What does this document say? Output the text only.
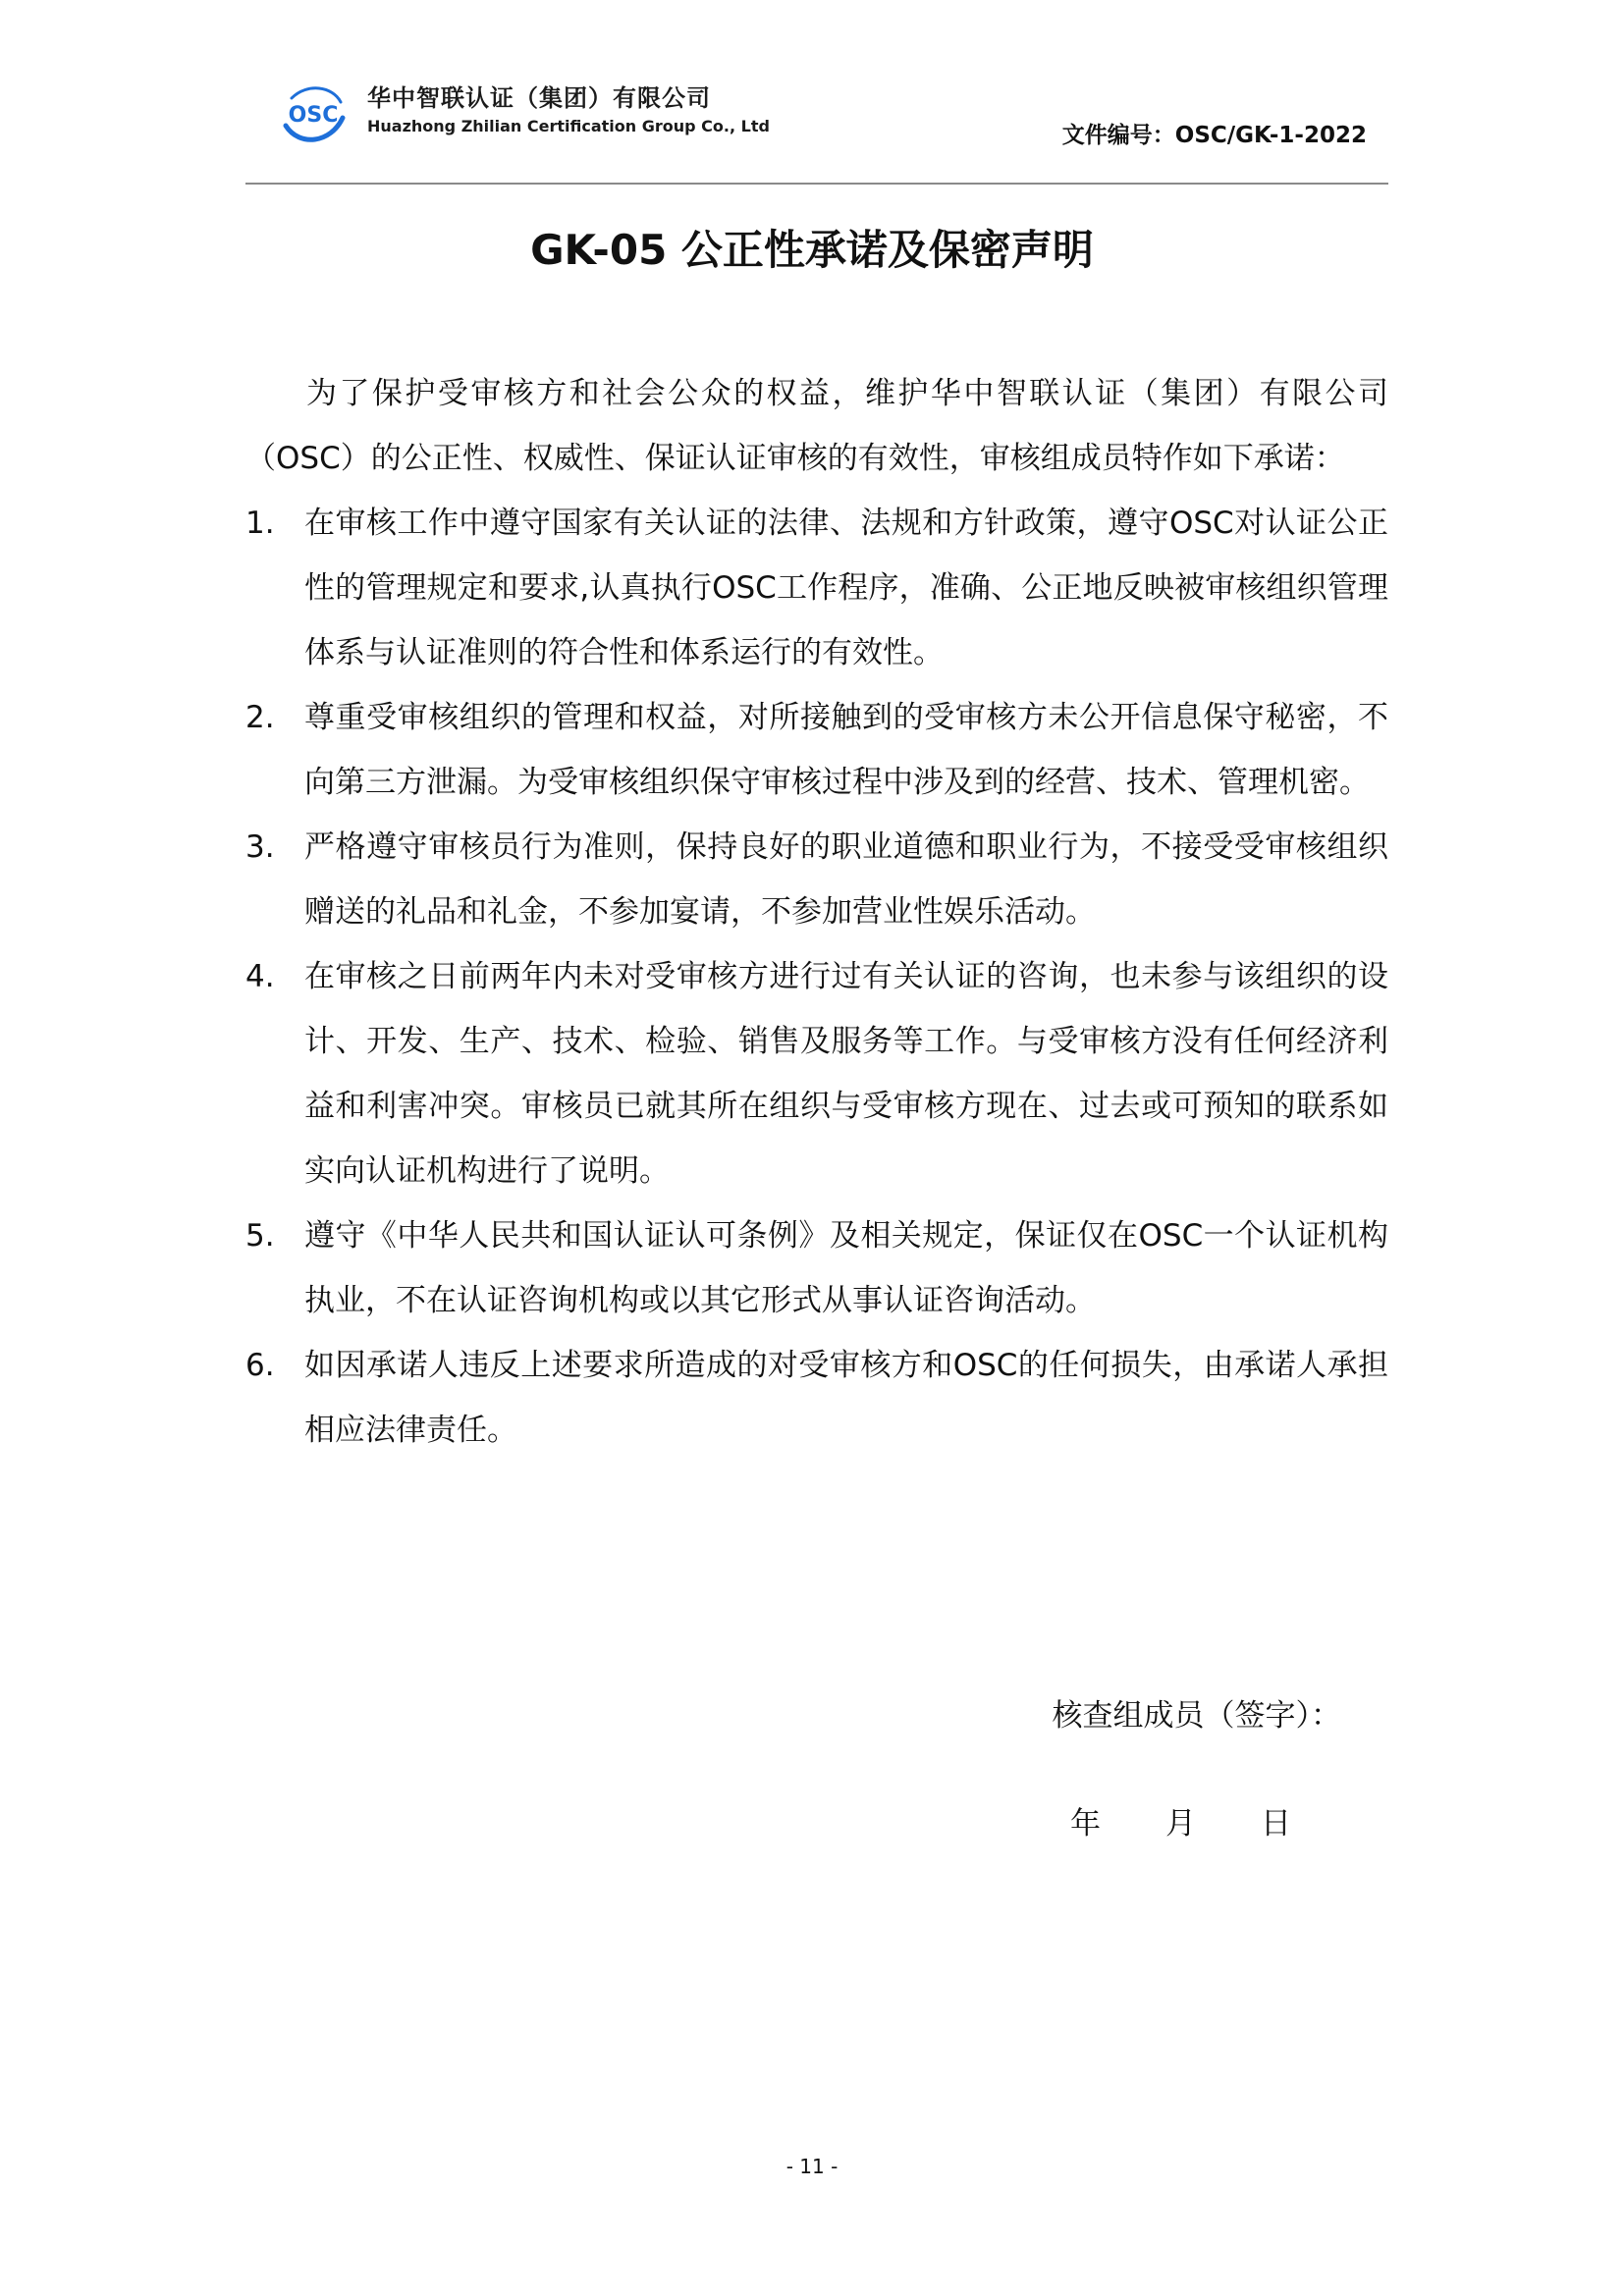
OSC
华中智联认证（集团）有限公司
Huazhong Zhilian Certification Group Co., Ltd	文件编号：OSC/GK-1-2022
GK-05 公正性承诺及保密声明

为了保护受审核方和社会公众的权益，维护华中智联认证（集团）有限公司（OSC）的公正性、权威性、保证认证审核的有效性，审核组成员特作如下承诺：

1. 在审核工作中遵守国家有关认证的法律、法规和方针政策，遵守OSC对认证公正性的管理规定和要求,认真执行OSC工作程序，准确、公正地反映被审核组织管理体系与认证准则的符合性和体系运行的有效性。
2. 尊重受审核组织的管理和权益，对所接触到的受审核方未公开信息保守秘密，不向第三方泄漏。为受审核组织保守审核过程中涉及到的经营、技术、管理机密。
3. 严格遵守审核员行为准则，保持良好的职业道德和职业行为，不接受受审核组织赠送的礼品和礼金，不参加宴请，不参加营业性娱乐活动。
4. 在审核之日前两年内未对受审核方进行过有关认证的咨询，也未参与该组织的设计、开发、生产、技术、检验、销售及服务等工作。与受审核方没有任何经济利益和利害冲突。审核员已就其所在组织与受审核方现在、过去或可预知的联系如实向认证机构进行了说明。
5. 遵守《中华人民共和国认证认可条例》及相关规定，保证仅在OSC一个认证机构执业，不在认证咨询机构或以其它形式从事认证咨询活动。
6. 如因承诺人违反上述要求所造成的对受审核方和OSC的任何损失，由承诺人承担相应法律责任。
核查组成员（签字）：
年 月 日
- 11 -
